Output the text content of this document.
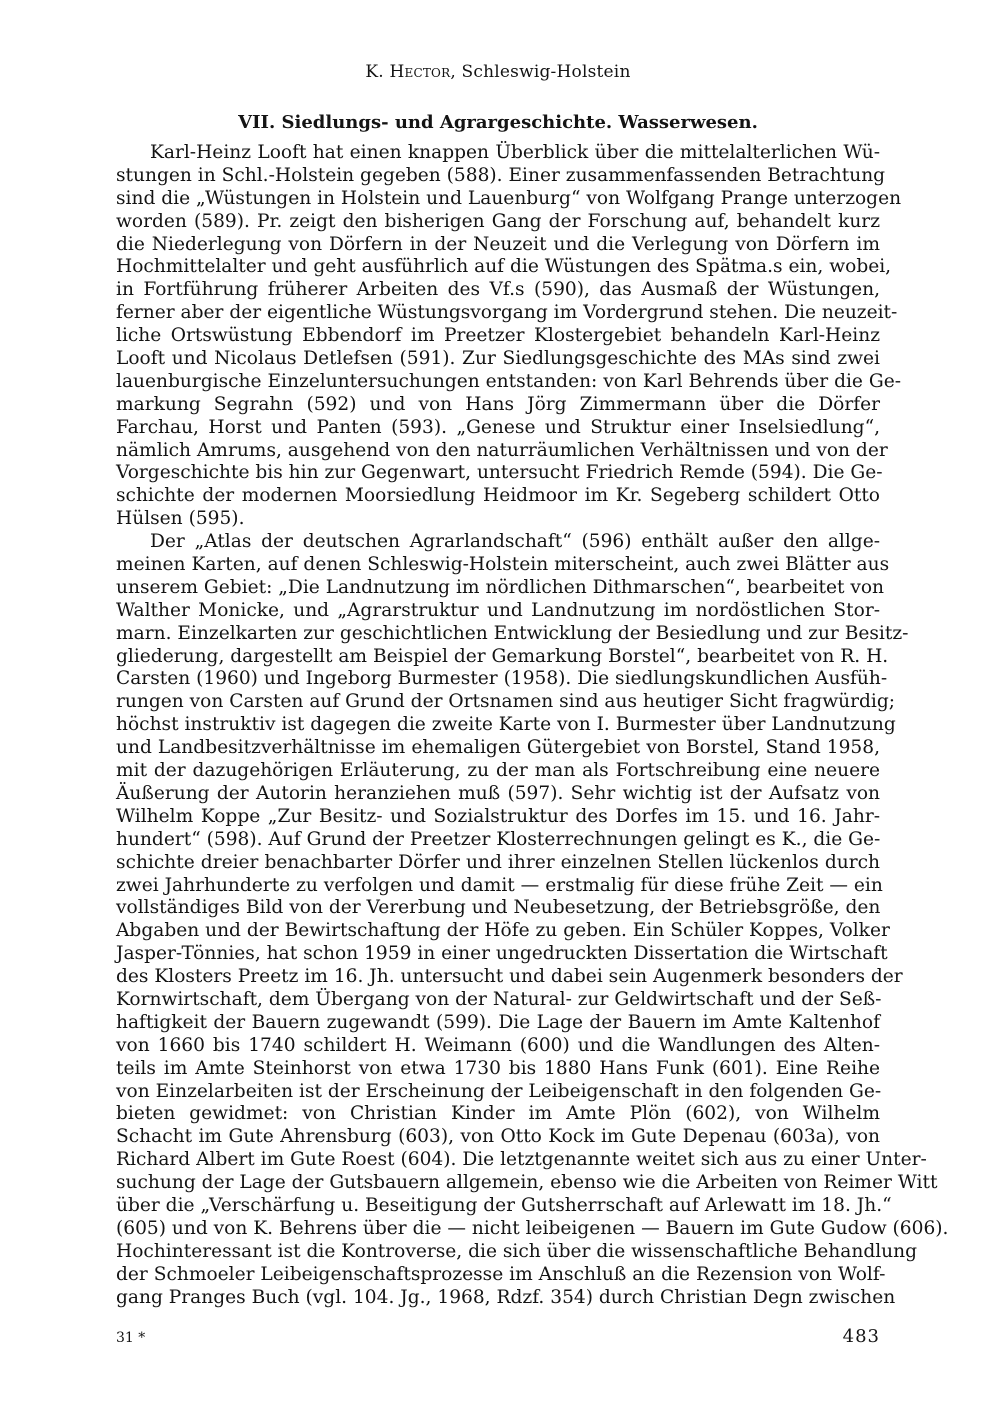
K. Hector, Schleswig-Holstein
VII. Siedlungs- und Agrargeschichte. Wasserwesen.
Karl-Heinz Looft hat einen knappen Überblick über die mittelalterlichen Wü-
stungen in Schl.-Holstein gegeben (588). Einer zusammenfassenden Betrachtung
sind die „Wüstungen in Holstein und Lauenburg“ von Wolfgang Prange unterzogen
worden (589). Pr. zeigt den bisherigen Gang der Forschung auf, behandelt kurz
die Niederlegung von Dörfern in der Neuzeit und die Verlegung von Dörfern im
Hochmittelalter und geht ausführlich auf die Wüstungen des Spätma.s ein, wobei,
in Fortführung früherer Arbeiten des Vf.s (590), das Ausmaß der Wüstungen,
ferner aber der eigentliche Wüstungsvorgang im Vordergrund stehen. Die neuzeit-
liche Ortswüstung Ebbendorf im Preetzer Klostergebiet behandeln Karl-Heinz
Looft und Nicolaus Detlefsen (591). Zur Siedlungsgeschichte des MAs sind zwei
lauenburgische Einzeluntersuchungen entstanden: von Karl Behrends über die Ge-
markung Segrahn (592) und von Hans Jörg Zimmermann über die Dörfer
Farchau, Horst und Panten (593). „Genese und Struktur einer Inselsiedlung“,
nämlich Amrums, ausgehend von den naturräumlichen Verhältnissen und von der
Vorgeschichte bis hin zur Gegenwart, untersucht Friedrich Remde (594). Die Ge-
schichte der modernen Moorsiedlung Heidmoor im Kr. Segeberg schildert Otto
Hülsen (595).
Der „Atlas der deutschen Agrarlandschaft“ (596) enthält außer den allge-
meinen Karten, auf denen Schleswig-Holstein miterscheint, auch zwei Blätter aus
unserem Gebiet: „Die Landnutzung im nördlichen Dithmarschen“, bearbeitet von
Walther Monicke, und „Agrarstruktur und Landnutzung im nordöstlichen Stor-
marn. Einzelkarten zur geschichtlichen Entwicklung der Besiedlung und zur Besitz-
gliederung, dargestellt am Beispiel der Gemarkung Borstel“, bearbeitet von R. H.
Carsten (1960) und Ingeborg Burmester (1958). Die siedlungskundlichen Ausfüh-
rungen von Carsten auf Grund der Ortsnamen sind aus heutiger Sicht fragwürdig;
höchst instruktiv ist dagegen die zweite Karte von I. Burmester über Landnutzung
und Landbesitzverhältnisse im ehemaligen Gütergebiet von Borstel, Stand 1958,
mit der dazugehörigen Erläuterung, zu der man als Fortschreibung eine neuere
Äußerung der Autorin heranziehen muß (597). Sehr wichtig ist der Aufsatz von
Wilhelm Koppe „Zur Besitz- und Sozialstruktur des Dorfes im 15. und 16. Jahr-
hundert“ (598). Auf Grund der Preetzer Klosterrechnungen gelingt es K., die Ge-
schichte dreier benachbarter Dörfer und ihrer einzelnen Stellen lückenlos durch
zwei Jahrhunderte zu verfolgen und damit — erstmalig für diese frühe Zeit — ein
vollständiges Bild von der Vererbung und Neubesetzung, der Betriebsgröße, den
Abgaben und der Bewirtschaftung der Höfe zu geben. Ein Schüler Koppes, Volker
Jasper-Tönnies, hat schon 1959 in einer ungedruckten Dissertation die Wirtschaft
des Klosters Preetz im 16. Jh. untersucht und dabei sein Augenmerk besonders der
Kornwirtschaft, dem Übergang von der Natural- zur Geldwirtschaft und der Seß-
haftigkeit der Bauern zugewandt (599). Die Lage der Bauern im Amte Kaltenhof
von 1660 bis 1740 schildert H. Weimann (600) und die Wandlungen des Alten-
teils im Amte Steinhorst von etwa 1730 bis 1880 Hans Funk (601). Eine Reihe
von Einzelarbeiten ist der Erscheinung der Leibeigenschaft in den folgenden Ge-
bieten gewidmet: von Christian Kinder im Amte Plön (602), von Wilhelm
Schacht im Gute Ahrensburg (603), von Otto Kock im Gute Depenau (603a), von
Richard Albert im Gute Roest (604). Die letztgenannte weitet sich aus zu einer Unter-
suchung der Lage der Gutsbauern allgemein, ebenso wie die Arbeiten von Reimer Witt
über die „Verschärfung u. Beseitigung der Gutsherrschaft auf Arlewatt im 18. Jh.“
(605) und von K. Behrens über die — nicht leibeigenen — Bauern im Gute Gudow (606).
Hochinteressant ist die Kontroverse, die sich über die wissenschaftliche Behandlung
der Schmoeler Leibeigenschaftsprozesse im Anschluß an die Rezension von Wolf-
gang Pranges Buch (vgl. 104. Jg., 1968, Rdzf. 354) durch Christian Degn zwischen
31 *	483
